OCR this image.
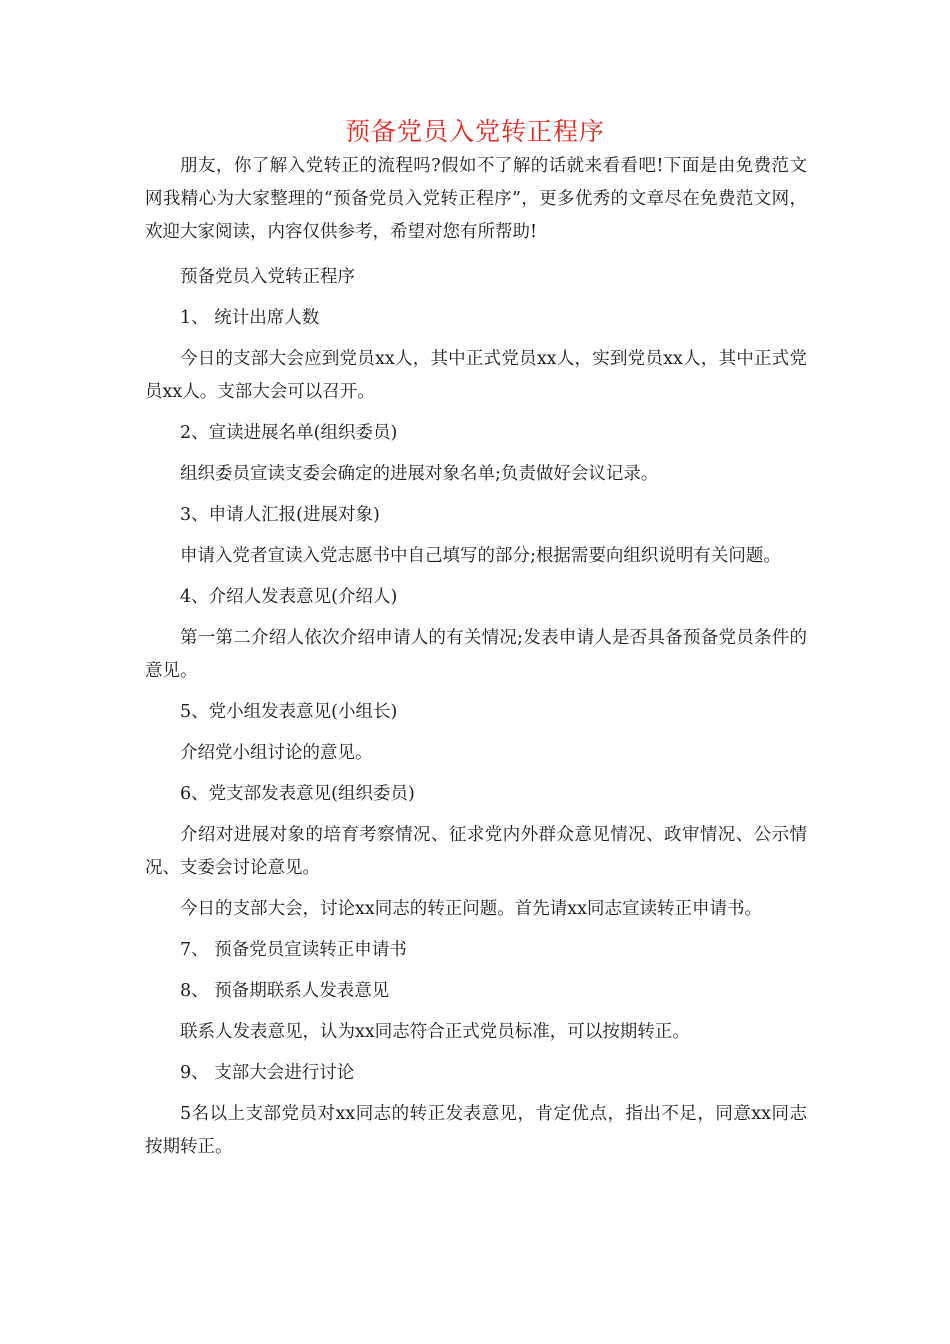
预备党员入党转正程序

朋友，你了解入党转正的流程吗?假如不了解的话就来看看吧!下面是由免费范文网我精心为大家整理的“预备党员入党转正程序”，更多优秀的文章尽在免费范文网，欢迎大家阅读，内容仅供参考，希望对您有所帮助!

预备党员入党转正程序

1、 统计出席人数

今日的支部大会应到党员xx人，其中正式党员xx人，实到党员xx人，其中正式党员xx人。支部大会可以召开。

2、宣读进展名单(组织委员)

组织委员宣读支委会确定的进展对象名单;负责做好会议记录。

3、申请人汇报(进展对象)

申请入党者宣读入党志愿书中自己填写的部分;根据需要向组织说明有关问题。

4、介绍人发表意见(介绍人)

第一第二介绍人依次介绍申请人的有关情况;发表申请人是否具备预备党员条件的意见。

5、党小组发表意见(小组长)

介绍党小组讨论的意见。

6、党支部发表意见(组织委员)

介绍对进展对象的培育考察情况、征求党内外群众意见情况、政审情况、公示情况、支委会讨论意见。

今日的支部大会，讨论xx同志的转正问题。首先请xx同志宣读转正申请书。

7、 预备党员宣读转正申请书

8、 预备期联系人发表意见

联系人发表意见，认为xx同志符合正式党员标准，可以按期转正。

9、 支部大会进行讨论

5名以上支部党员对xx同志的转正发表意见，肯定优点，指出不足，同意xx同志按期转正。
